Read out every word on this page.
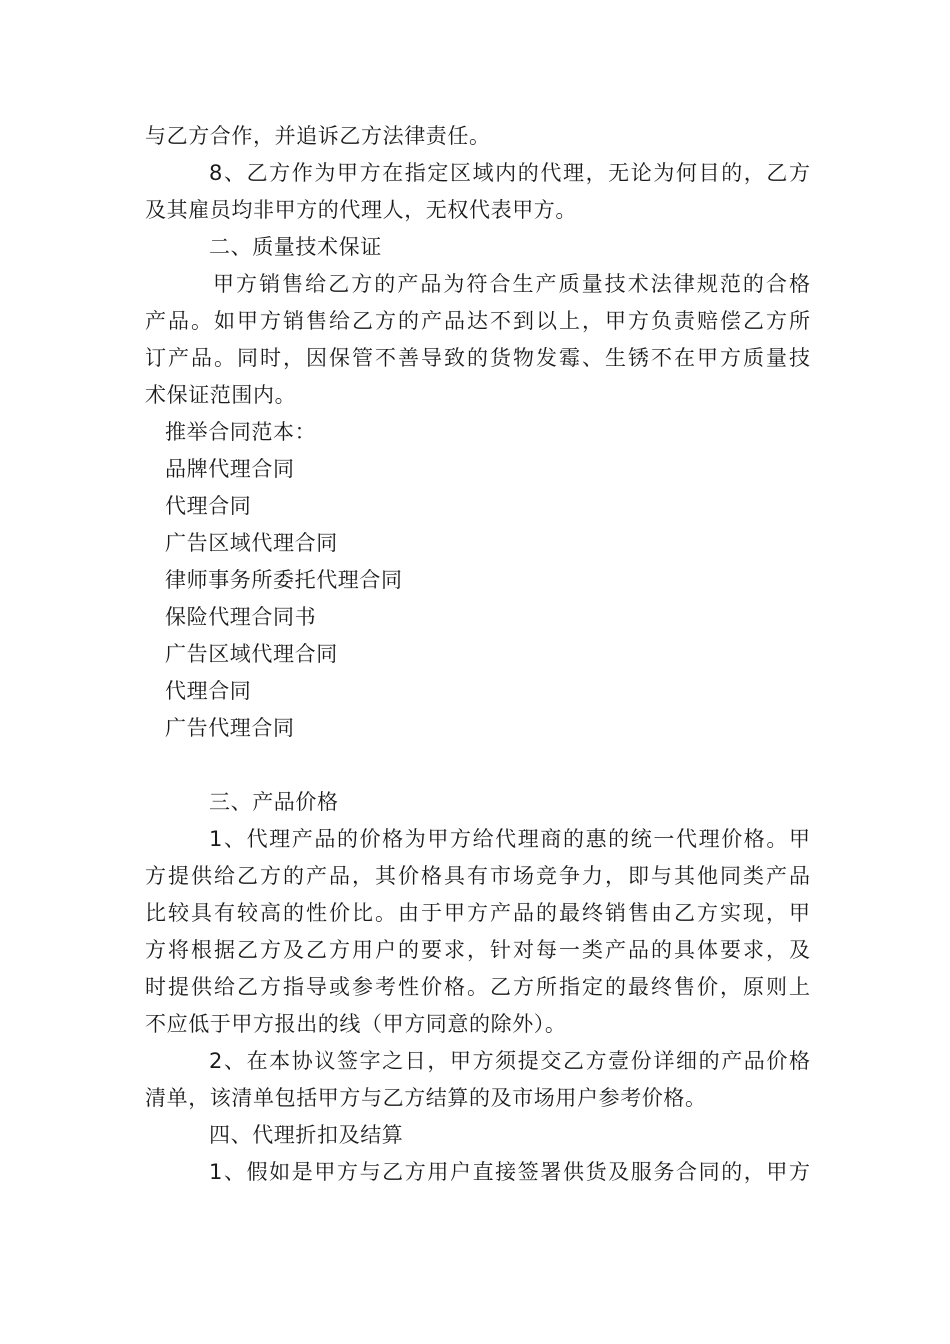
与乙方合作，并追诉乙方法律责任。
8、乙方作为甲方在指定区域内的代理，无论为何目的，乙方
及其雇员均非甲方的代理人，无权代表甲方。
二、质量技术保证
甲方销售给乙方的产品为符合生产质量技术法律规范的合格
产品。如甲方销售给乙方的产品达不到以上，甲方负责赔偿乙方所
订产品。同时，因保管不善导致的货物发霉、生锈不在甲方质量技
术保证范围内。
推举合同范本：
品牌代理合同
代理合同
广告区域代理合同
律师事务所委托代理合同
保险代理合同书
广告区域代理合同
代理合同
广告代理合同
三、产品价格
1、代理产品的价格为甲方给代理商的惠的统一代理价格。甲
方提供给乙方的产品，其价格具有市场竞争力，即与其他同类产品
比较具有较高的性价比。由于甲方产品的最终销售由乙方实现，甲
方将根据乙方及乙方用户的要求，针对每一类产品的具体要求，及
时提供给乙方指导或参考性价格。乙方所指定的最终售价，原则上
不应低于甲方报出的线（甲方同意的除外）。
2、在本协议签字之日，甲方须提交乙方壹份详细的产品价格
清单，该清单包括甲方与乙方结算的及市场用户参考价格。
四、代理折扣及结算
1、假如是甲方与乙方用户直接签署供货及服务合同的，甲方
